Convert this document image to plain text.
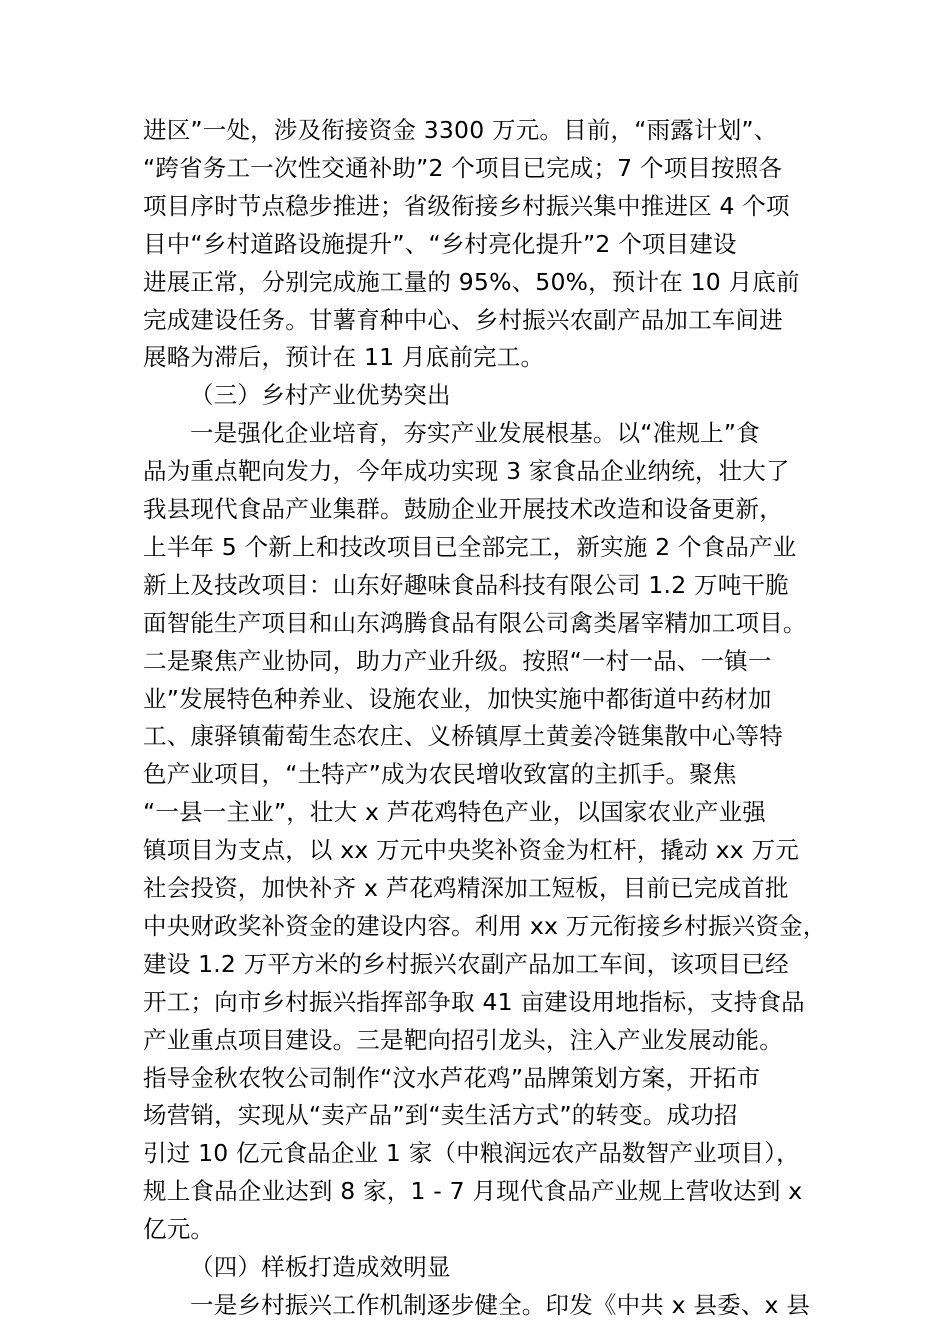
进区”一处，涉及衔接资金 3300 万元。目前，“雨露计划”、
“跨省务工一次性交通补助”2 个项目已完成；7 个项目按照各
项目序时节点稳步推进；省级衔接乡村振兴集中推进区 4 个项
目中“乡村道路设施提升”、“乡村亮化提升”2 个项目建设
进展正常，分别完成施工量的 95%、50%，预计在 10 月底前
完成建设任务。甘薯育种中心、乡村振兴农副产品加工车间进
展略为滞后，预计在 11 月底前完工。
（三）乡村产业优势突出
一是强化企业培育，夯实产业发展根基。以“准规上”食
品为重点靶向发力，今年成功实现 3 家食品企业纳统，壮大了
我县现代食品产业集群。鼓励企业开展技术改造和设备更新，
上半年 5 个新上和技改项目已全部完工，新实施 2 个食品产业
新上及技改项目：山东好趣味食品科技有限公司 1.2 万吨干脆
面智能生产项目和山东鸿腾食品有限公司禽类屠宰精加工项目。
二是聚焦产业协同，助力产业升级。按照“一村一品、一镇一
业”发展特色种养业、设施农业，加快实施中都街道中药材加
工、康驿镇葡萄生态农庄、义桥镇厚土黄姜冷链集散中心等特
色产业项目，“土特产”成为农民增收致富的主抓手。聚焦
“一县一主业”，壮大 x 芦花鸡特色产业，以国家农业产业强
镇项目为支点，以 xx 万元中央奖补资金为杠杆，撬动 xx 万元
社会投资，加快补齐 x 芦花鸡精深加工短板，目前已完成首批
中央财政奖补资金的建设内容。利用 xx 万元衔接乡村振兴资金，
建设 1.2 万平方米的乡村振兴农副产品加工车间，该项目已经
开工；向市乡村振兴指挥部争取 41 亩建设用地指标，支持食品
产业重点项目建设。三是靶向招引龙头，注入产业发展动能。
指导金秋农牧公司制作“汶水芦花鸡”品牌策划方案，开拓市
场营销，实现从“卖产品”到“卖生活方式”的转变。成功招
引过 10 亿元食品企业 1 家（中粮润远农产品数智产业项目），
规上食品企业达到 8 家，1 - 7 月现代食品产业规上营收达到 x
亿元。
（四）样板打造成效明显
一是乡村振兴工作机制逐步健全。印发《中共 x 县委、x 县
